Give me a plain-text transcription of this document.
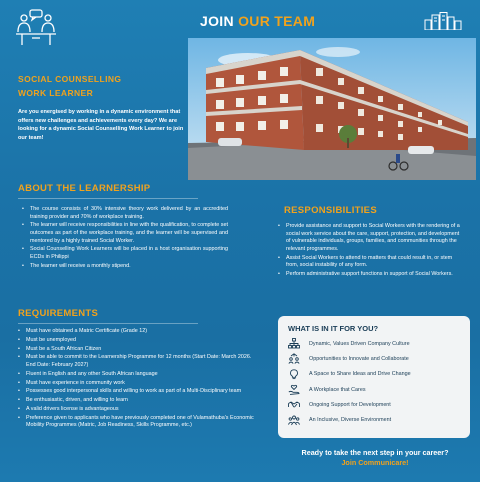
JOIN OUR TEAM
SOCIAL COUNSELLING
WORK LEARNER

Are you energised by working in a dynamic environment that offers new challenges and achievements every day? We are looking for a dynamic Social Counselling Work Learner to join our team!

ABOUT THE LEARNERSHIP
• The course consists of 30% intensive theory work delivered by an accredited training provider and 70% of workplace training.
• The learner will receive responsibilities in line with the qualification, to complete set outcomes as part of the workplace training, and the learner will be supervised and mentored by a highly trained Social Worker.
• Social Counselling Work Learners will be placed in a host organisation supporting ECDs in Philippi
• The learner will receive a monthly stipend.
RESPONSIBILITIES
• Provide assistance and support to Social Workers with the rendering of a social work service about the care, support, protection, and development of vulnerable individuals, groups, families, and communities through the relevant programmes.
• Assist Social Workers to attend to matters that could result in, or stem from, social instability of any form.
• Perform administrative support functions in support of Social Workers.
REQUIREMENTS
• Must have obtained a Matric Certificate (Grade 12)
• Must be unemployed
• Must be a South African Citizen
• Must be able to commit to the Learnership Programme for 12 months (Start Date: March 2026. End Date: February 2027)
• Fluent in English and any other South African language
• Must have experience in community work
• Possesses good interpersonal skills and willing to work as part of a Multi-Disciplinary team
• Be enthusiastic, driven, and willing to learn
• A valid drivers license is advantageous
• Preference given to applicants who have previously completed one of Vulamathuba's Economic Mobility Programmes (Matric, Job Readiness, Skills Programme, etc.)
WHAT IS IN IT FOR YOU?
Dynamic, Values Driven Company Culture
Opportunities to Innovate and Collaborate
A Space to Share Ideas and Drive Change
A Workplace that Cares
Ongoing Support for Development
An Inclusive, Diverse Environment
Ready to take the next step in your career?
Join Communicare!
